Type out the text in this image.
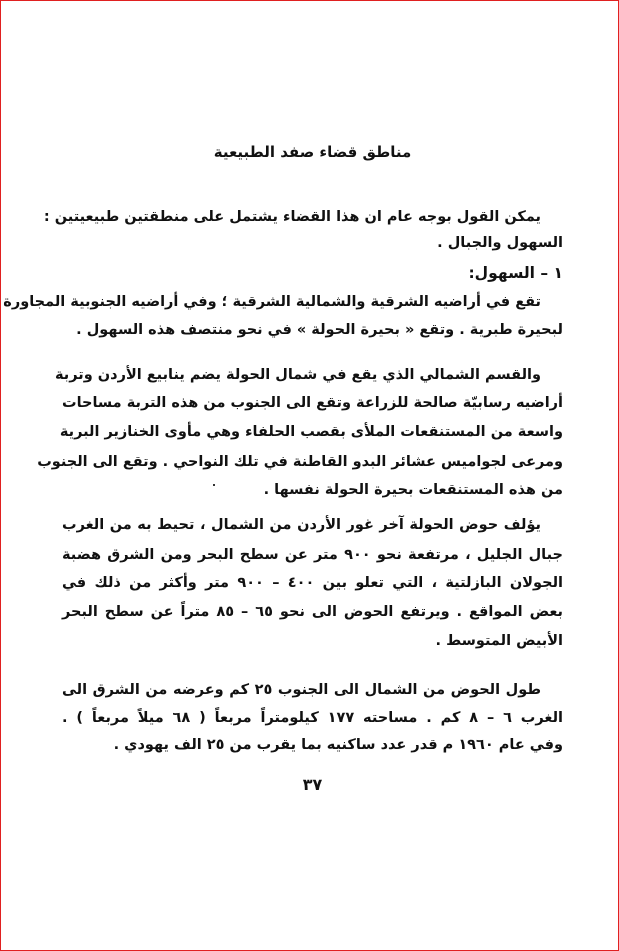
مناطق قضاء صفد الطبيعية
يمكن القول بوجه عام ان هذا القضاء يشتمل على منطقتين طبيعيتين :
السهول والجبال .
١ – السهول:
تقع في أراضيه الشرقية والشمالية الشرقية ؛ وفي أراضيه الجنوبية المجاورة
لبحيرة طبرية . وتقع « بحيرة الحولة » في نحو منتصف هذه السهول .
والقسم الشمالي الذي يقع في شمال الحولة يضم ينابيع الأردن وتربة
أراضيه رسابيّة صالحة للزراعة وتقع الى الجنوب من هذه التربة مساحات
واسعة من المستنقعات الملأى بقصب الحلفاء وهي مأوى الخنازير البرية
ومرعى لجواميس عشائر البدو القاطنة في تلك النواحي . وتقع الى الجنوب
من هذه المستنقعات بحيرة الحولة نفسها .
يؤلف حوض الحولة آخر غور الأردن من الشمال ، تحيط به من الغرب
جبال الجليل ، مرتفعة نحو ٩٠٠ متر عن سطح البحر ومن الشرق هضبة
الجولان البازلتية ، التي تعلو بين ٤٠٠ – ٩٠٠ متر وأكثر من ذلك في
بعض المواقع . ويرتفع الحوض الى نحو ٦٥ – ٨٥ متراً عن سطح البحر
الأبيض المتوسط .
طول الحوض من الشمال الى الجنوب ٢٥ كم وعرضه من الشرق الى
الغرب ٦ – ٨ كم . مساحته ١٧٧ كيلومتراً مربعاً ( ٦٨ ميلاً مربعاً ) .
وفي عام ١٩٦٠ م قدر عدد ساكنيه بما يقرب من ٢٥ الف يهودي .
٣٧
